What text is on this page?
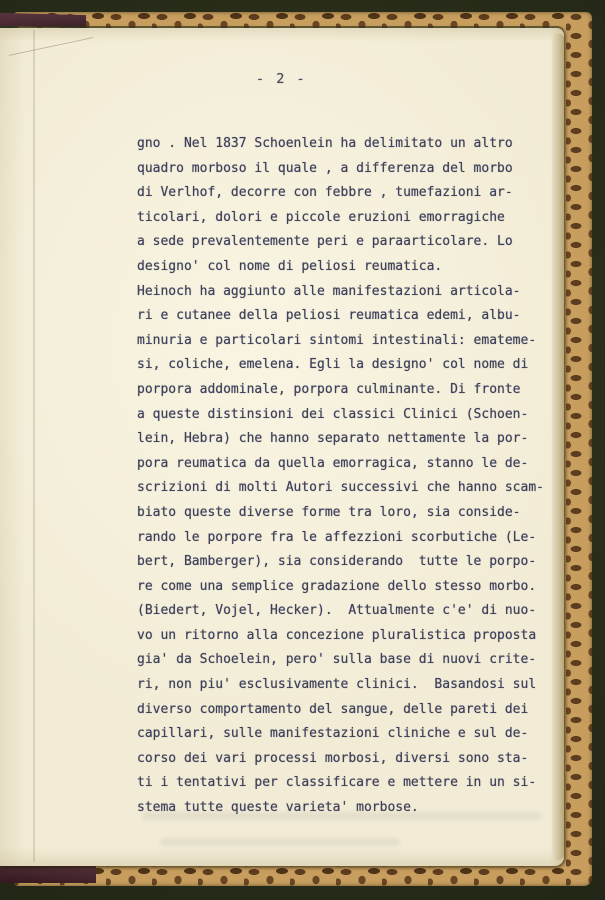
- 2 -
gno . Nel 1837 Schoenlein ha delimitato un altro
quadro morboso il quale , a differenza del morbo
di Verlhof, decorre con febbre , tumefazioni ar-
ticolari, dolori e piccole eruzioni emorragiche
a sede prevalentemente peri e paraarticolare. Lo
designo' col nome di peliosi reumatica.
Heinoch ha aggiunto alle manifestazioni articola-
ri e cutanee della peliosi reumatica edemi, albu-
minuria e particolari sintomi intestinali: emateme-
si, coliche, emelena. Egli la designo' col nome di
porpora addominale, porpora culminante. Di fronte
a queste distinsioni dei classici Clinici (Schoen-
lein, Hebra) che hanno separato nettamente la por-
pora reumatica da quella emorragica, stanno le de-
scrizioni di molti Autori successivi che hanno scam-
biato queste diverse forme tra loro, sia conside-
rando le porpore fra le affezzioni scorbutiche (Le-
bert, Bamberger), sia considerando  tutte le porpo-
re come una semplice gradazione dello stesso morbo.
(Biedert, Vojel, Hecker).  Attualmente c'e' di nuo-
vo un ritorno alla concezione pluralistica proposta
gia' da Schoelein, pero' sulla base di nuovi crite-
ri, non piu' esclusivamente clinici.  Basandosi sul
diverso comportamento del sangue, delle pareti dei
capillari, sulle manifestazioni cliniche e sul de-
corso dei vari processi morbosi, diversi sono sta-
ti i tentativi per classificare e mettere in un si-
stema tutte queste varieta' morbose.
